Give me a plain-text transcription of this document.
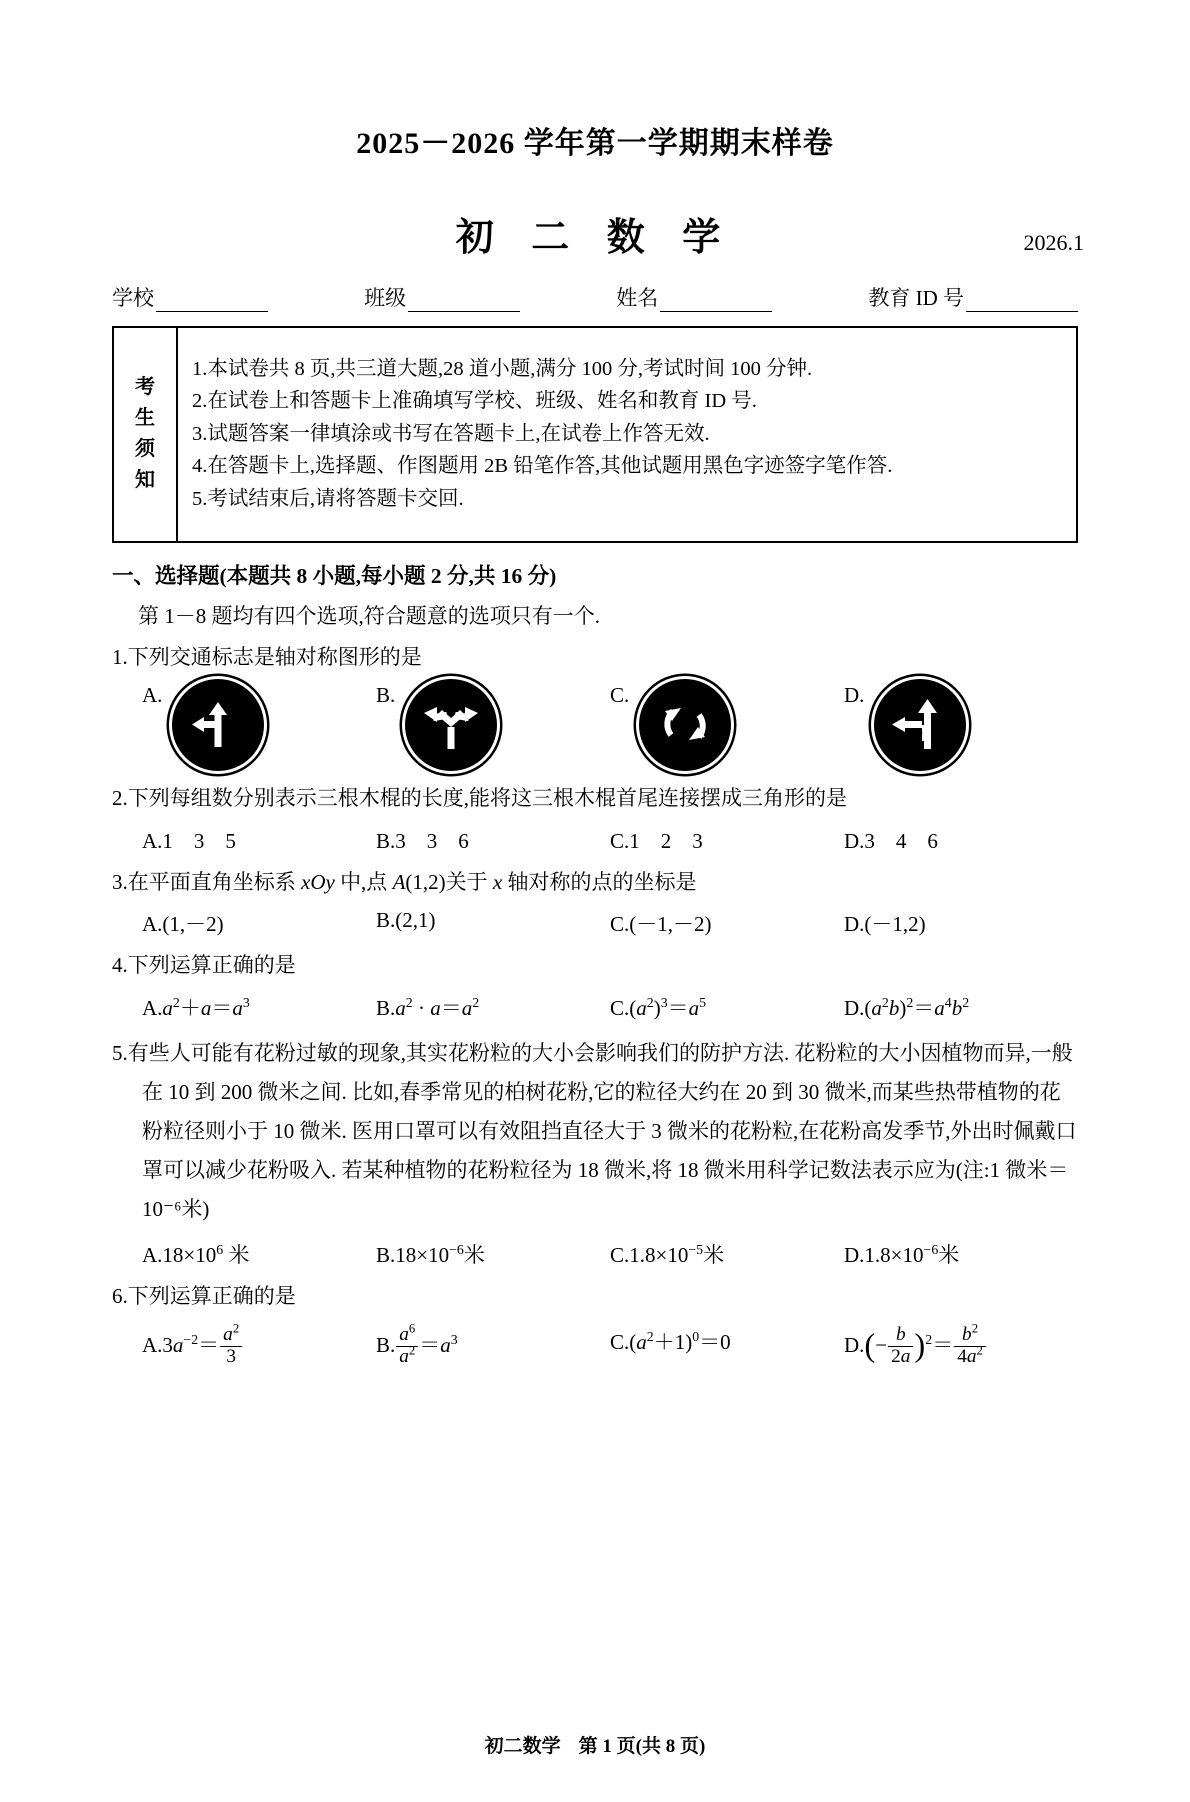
2025－2026 学年第一学期期末样卷
初 二 数 学	2026.1
学校	班级	姓名	教育 ID 号
考
生
须
知
1.本试卷共 8 页,共三道大题,28 道小题,满分 100 分,考试时间 100 分钟.
2.在试卷上和答题卡上准确填写学校、班级、姓名和教育 ID 号.
3.试题答案一律填涂或书写在答题卡上,在试卷上作答无效.
4.在答题卡上,选择题、作图题用 2B 铅笔作答,其他试题用黑色字迹签字笔作答.
5.考试结束后,请将答题卡交回.
一、选择题(本题共 8 小题,每小题 2 分,共 16 分)
第 1－8 题均有四个选项,符合题意的选项只有一个.
1.下列交通标志是轴对称图形的是
A.	B.	C.	D.
2.下列每组数分别表示三根木棍的长度,能将这三根木棍首尾连接摆成三角形的是
A.1　3　5	B.3　3　6	C.1　2　3	D.3　4　6
3.在平面直角坐标系 xOy 中,点 A(1,2)关于 x 轴对称的点的坐标是
A.(1,－2)	B.(2,1)	C.(－1,－2)	D.(－1,2)
4.下列运算正确的是
$A.a^2+a=a^3$	$B.a^2 \cdot a=a^2$	$C.(a^2)^3=a^5$	$D.(a^2b)^2=a^4b^2$
5.有些人可能有花粉过敏的现象,其实花粉粒的大小会影响我们的防护方法. 花粉粒的大小因植物而异,一般在 10 到 200 微米之间. 比如,春季常见的柏树花粉,它的粒径大约在 20 到 30 微米,而某些热带植物的花粉粒径则小于 10 微米. 医用口罩可以有效阻挡直径大于 3 微米的花粉粒,在花粉高发季节,外出时佩戴口罩可以减少花粉吸入. 若某种植物的花粉粒径为 18 微米,将 18 微米用科学记数法表示应为(注:1 微米＝10⁻⁶米)
$A.18\times 10^6$ 米	$B.18\times 10^{-6}$米	$C.1.8\times 10^{-5}$米	$D.1.8\times 10^{-6}$米
6.下列运算正确的是
$A.3a^{-2}= \frac{a^2}{3}$	B. $\frac{a^6}{a^2} =a^3$	$C.(a^2+1)^0=0$	$D.(- \frac{b}{2a} )^2= \frac{b^2}{4a^2}$
初二数学 第 1 页(共 8 页)
